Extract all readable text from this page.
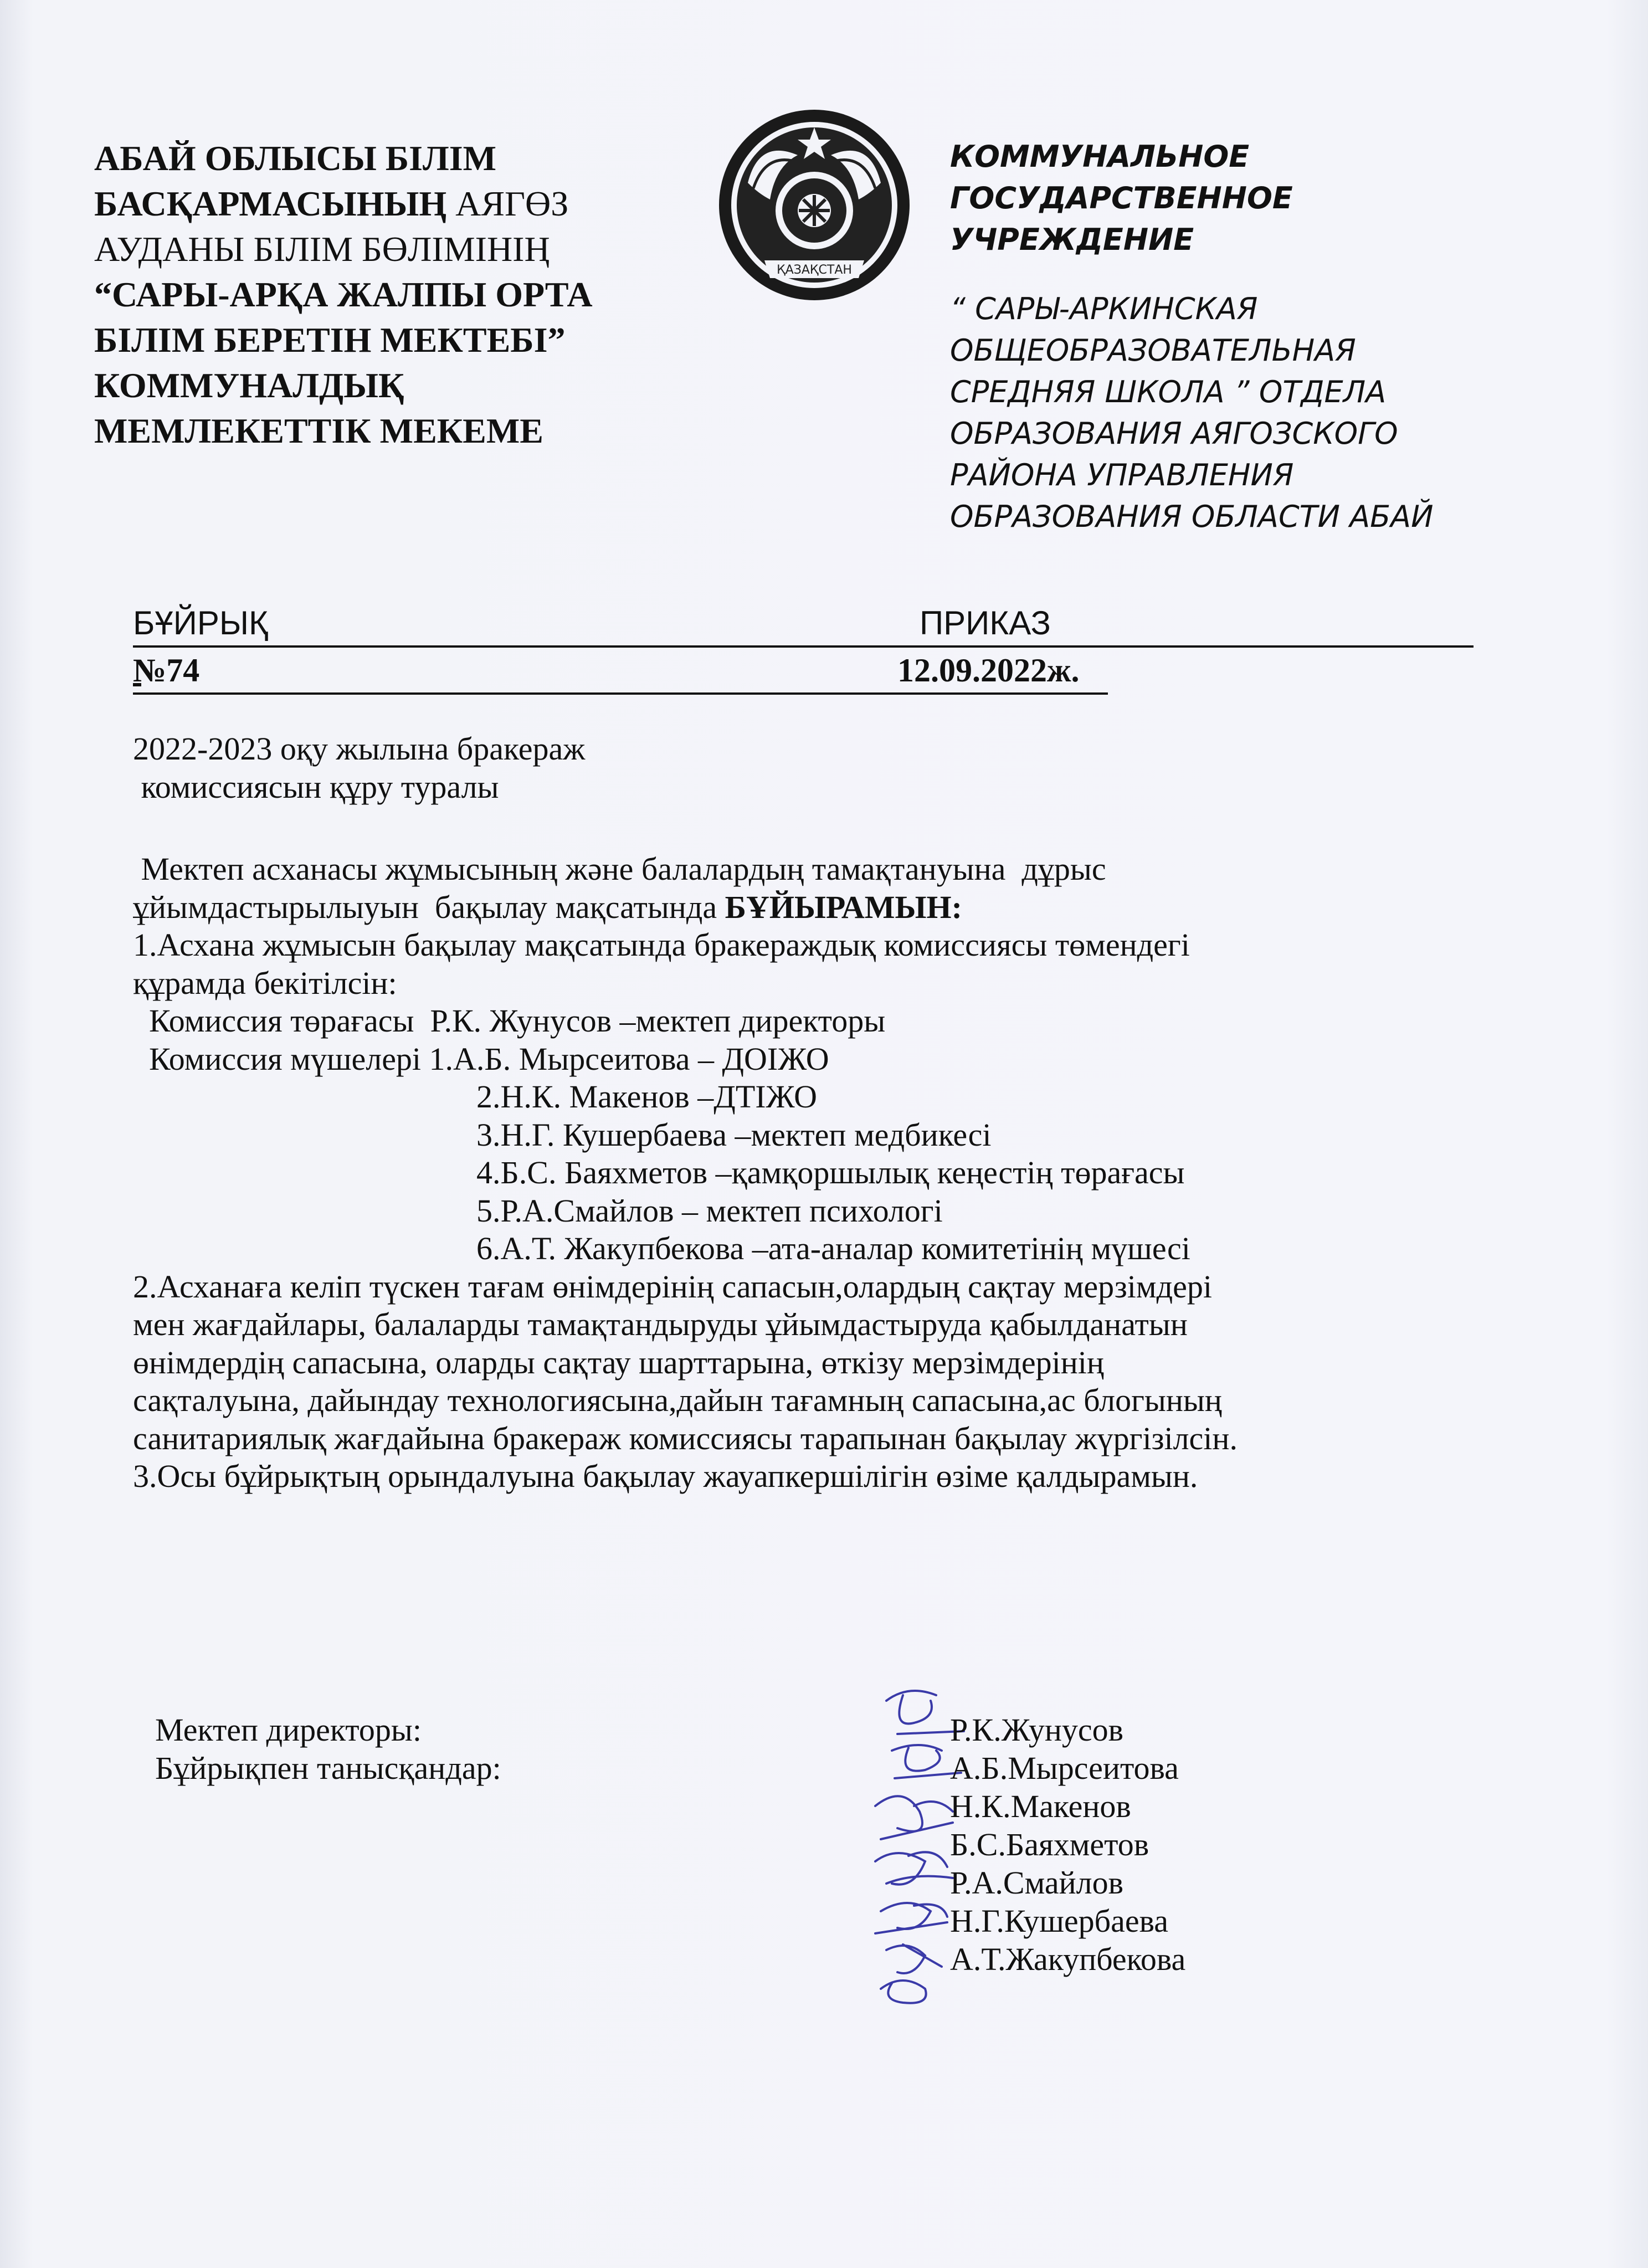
АБАЙ ОБЛЫСЫ БІЛІМ
БАСҚАРМАСЫНЫҢ АЯГӨЗ
АУДАНЫ БІЛІМ БӨЛІМІНІҢ
“САРЫ-АРҚА ЖАЛПЫ ОРТА
БІЛІМ БЕРЕТІН МЕКТЕБІ”
КОММУНАЛДЫҚ
МЕМЛЕКЕТТІК МЕКЕМЕ
ҚАЗАҚСТАН
КОММУНАЛЬНОЕ
ГОСУДАРСТВЕННОЕ
УЧРЕЖДЕНИЕ
“ САРЫ-АРКИНСКАЯ
ОБЩЕОБРАЗОВАТЕЛЬНАЯ
СРЕДНЯЯ ШКОЛА ” ОТДЕЛА
ОБРАЗОВАНИЯ АЯГОЗСКОГО
РАЙОНА УПРАВЛЕНИЯ
ОБРАЗОВАНИЯ ОБЛАСТИ АБАЙ
БҰЙРЫҚ	ПРИКАЗ

№74	12.09.2022ж.
2022-2023 оқу жылына бракераж
комиссиясын құру туралы
Мектеп асханасы жұмысының және балалардың тамақтануына  дұрыс
ұйымдастырылыуын  бақылау мақсатында БҰЙЫРАМЫН:
1.Асхана жұмысын бақылау мақсатында бракераждық комиссиясы төмендегі
құрамда бекітілсін:
Комиссия төрағасы  Р.К. Жунусов –мектеп директоры
Комиссия мүшелері 1.А.Б. Мырсеитова – ДОІЖО
2.Н.К. Макенов –ДТІЖО
3.Н.Г. Кушербаева –мектеп медбикесі
4.Б.С. Баяхметов –қамқоршылық кеңестің төрағасы
5.Р.А.Смайлов – мектеп психологі
6.А.Т. Жакупбекова –ата-аналар комитетінің мүшесі
2.Асханаға келіп түскен тағам өнімдерінің сапасын,олардың сақтау мерзімдері
мен жағдайлары, балаларды тамақтандыруды ұйымдастыруда қабылданатын
өнімдердің сапасына, оларды сақтау шарттарына, өткізу мерзімдерінің
сақталуына, дайындау технологиясына,дайын тағамның сапасына,ас блогының
санитариялық жағдайына бракераж комиссиясы тарапынан бақылау жүргізілсін.
3.Осы бұйрықтың орындалуына бақылау жауапкершілігін өзіме қалдырамын.
Мектеп директоры:
Бұйрықпен танысқандар:
Р.К.Жунусов
А.Б.Мырсеитова
Н.К.Макенов
Б.С.Баяхметов
Р.А.Смайлов
Н.Г.Кушербаева
А.Т.Жакупбекова
